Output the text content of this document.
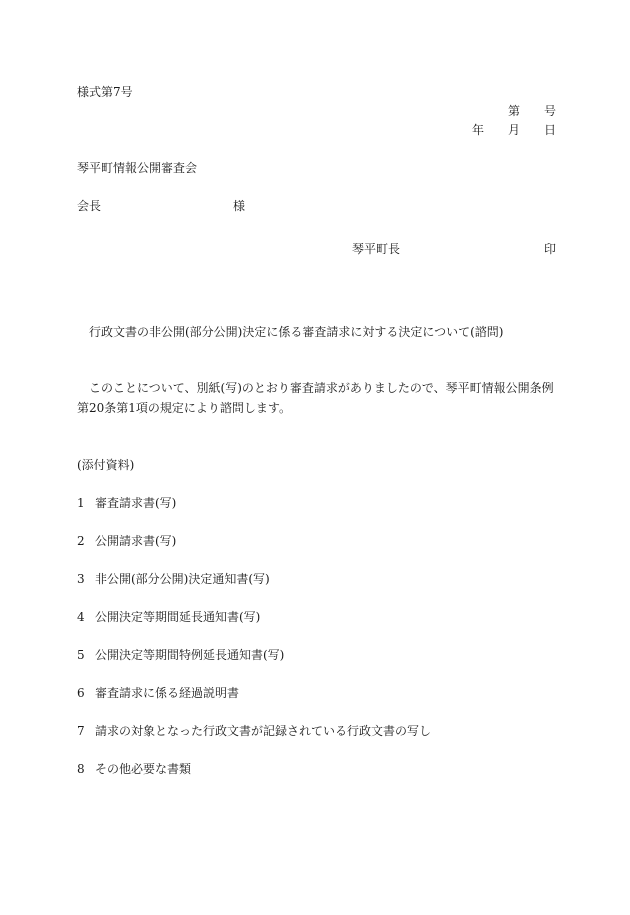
様式第7号

第 号
年 月 日

琴平町情報公開審査会

会長	様
琴平町長	印

行政文書の非公開(部分公開)決定に係る審査請求に対する決定について(諮問)

このことについて、別紙(写)のとおり審査請求がありましたので、琴平町情報公開条例

第20条第1項の規定により諮問します。

(添付資料)

1 審査請求書(写)

2 公開請求書(写)

3 非公開(部分公開)決定通知書(写)

4 公開決定等期間延長通知書(写)

5 公開決定等期間特例延長通知書(写)

6 審査請求に係る経過説明書

7 請求の対象となった行政文書が記録されている行政文書の写し

8 その他必要な書類
